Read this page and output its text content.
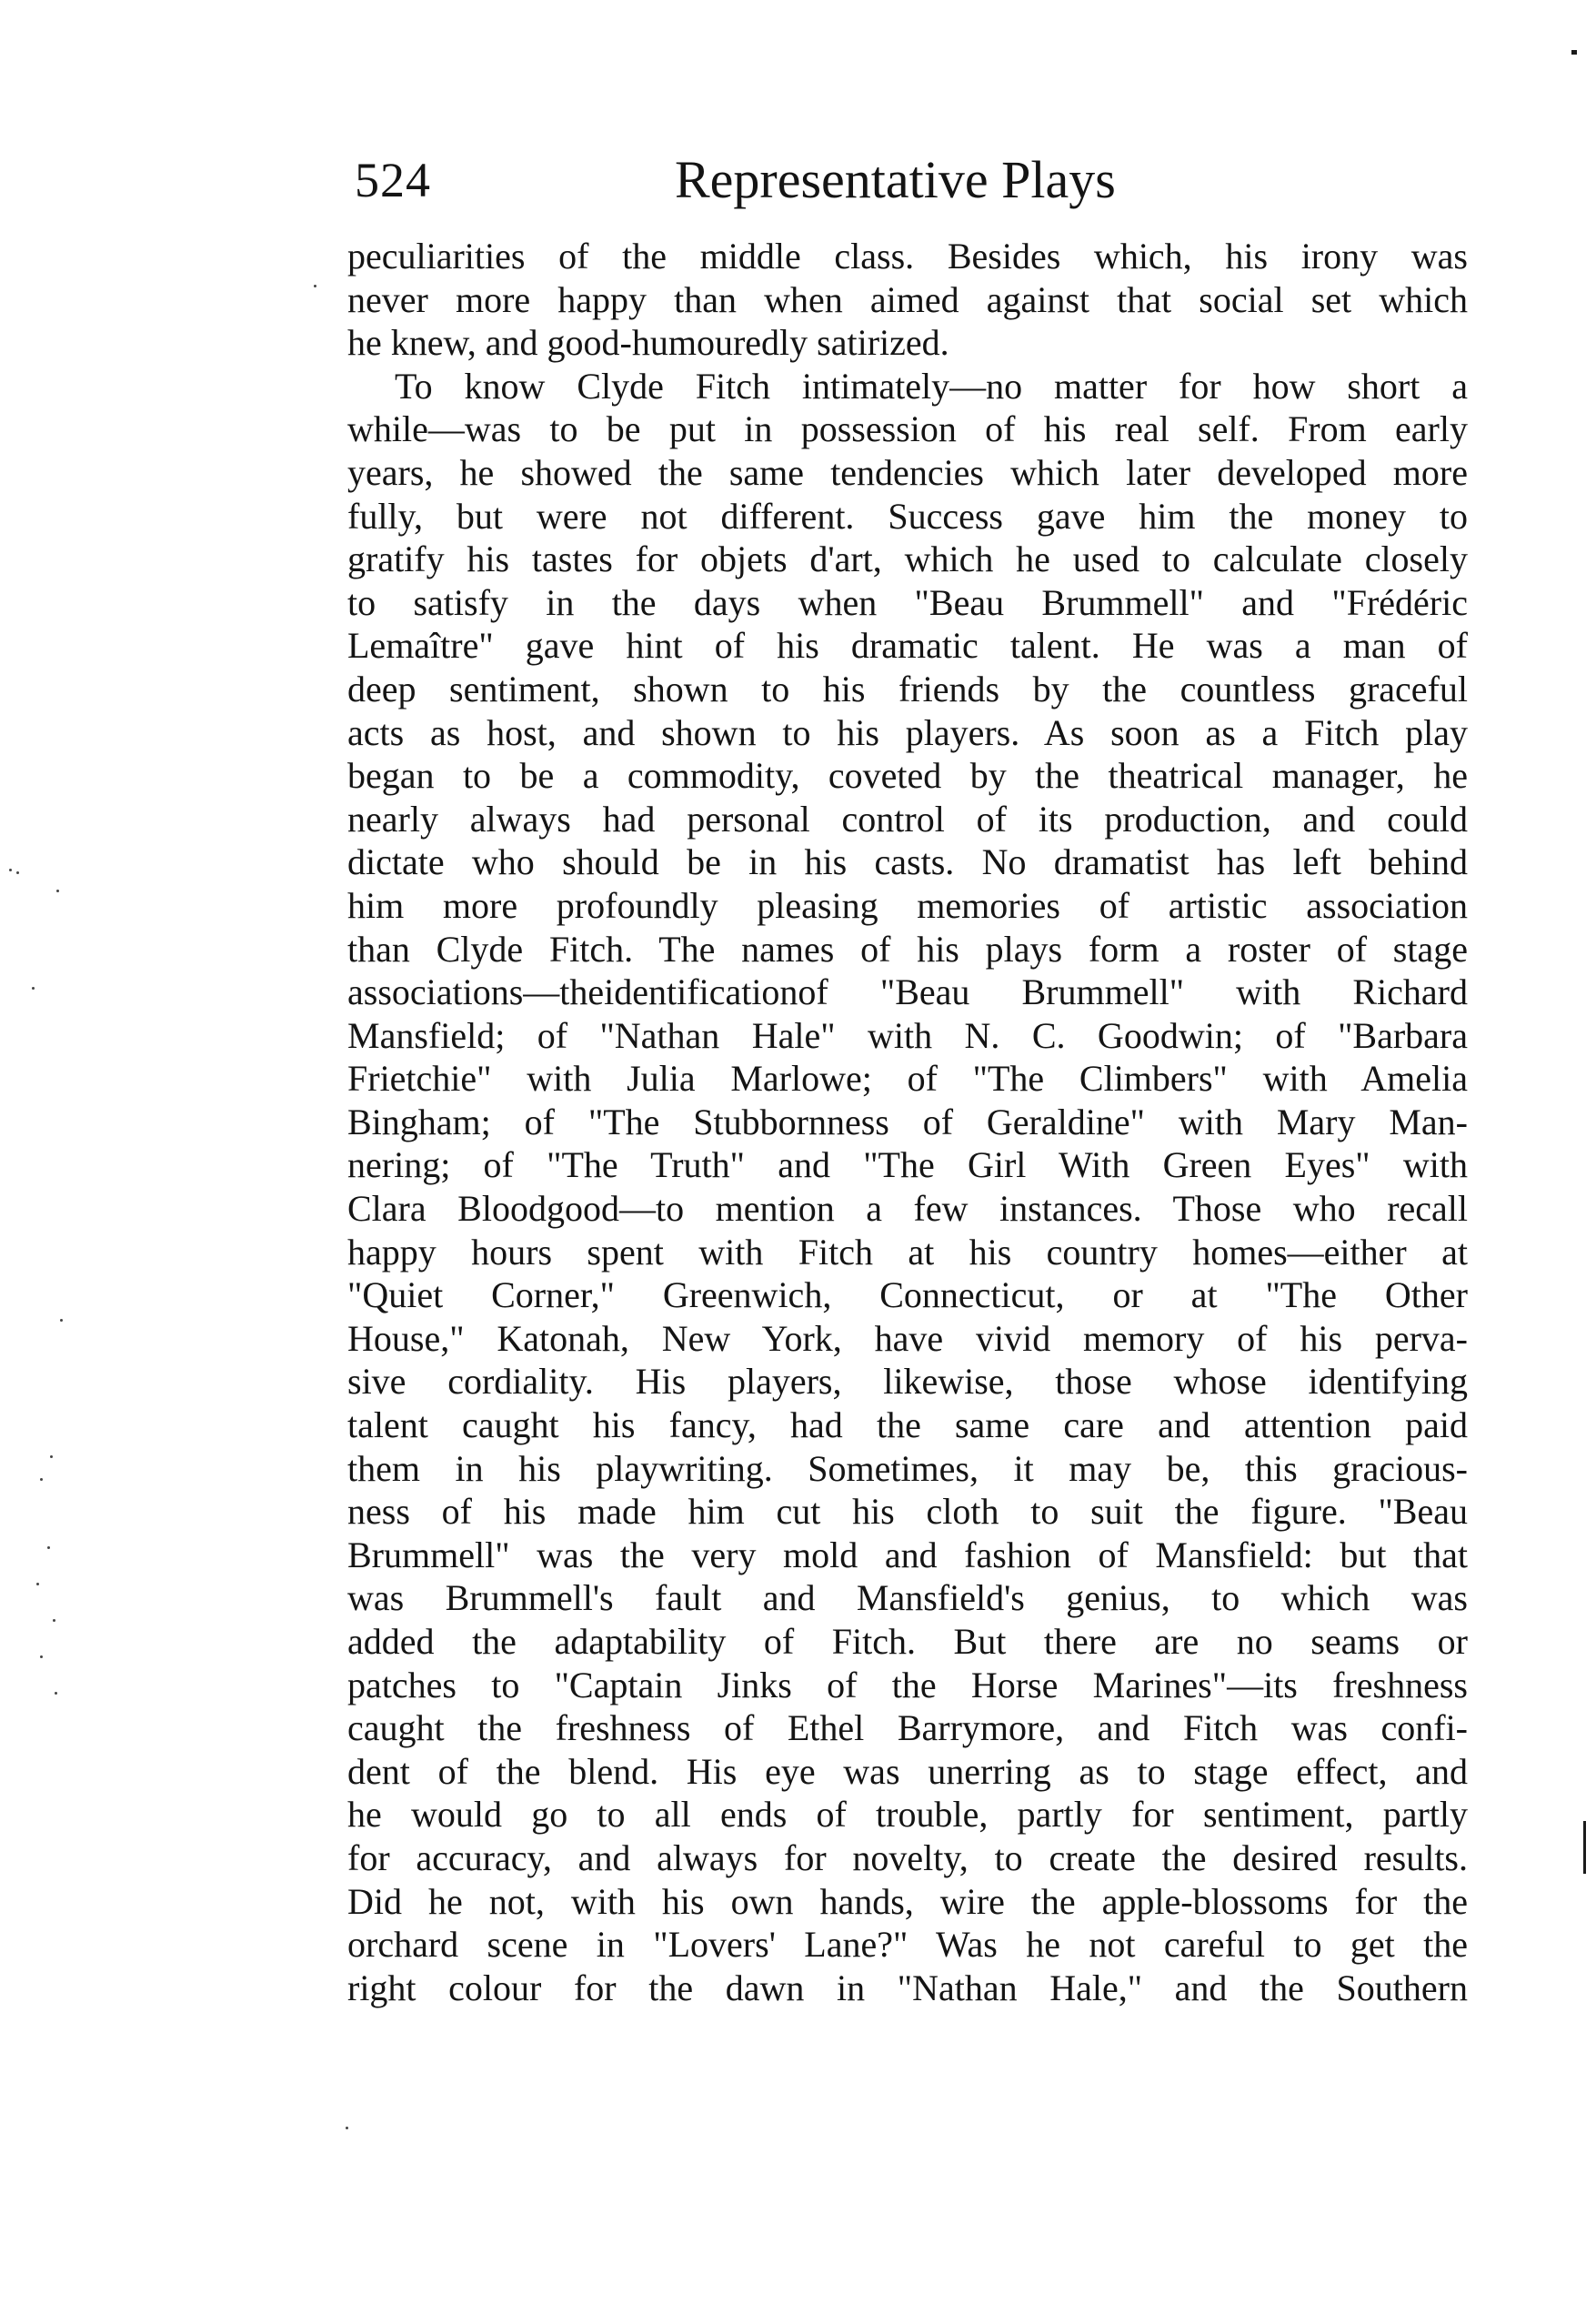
524	Representative Plays
peculiarities of the middle class. Besides which, his irony was
never more happy than when aimed against that social set which
he knew, and good-humouredly satirized.
To know Clyde Fitch intimately—no matter for how short a
while—was to be put in possession of his real self. From early
years, he showed the same tendencies which later developed more
fully, but were not different. Success gave him the money to
gratify his tastes for objets d'art, which he used to calculate closely
to satisfy in the days when "Beau Brummell" and "Frédéric
Lemaître" gave hint of his dramatic talent. He was a man of
deep sentiment, shown to his friends by the countless graceful
acts as host, and shown to his players. As soon as a Fitch play
began to be a commodity, coveted by the theatrical manager, he
nearly always had personal control of its production, and could
dictate who should be in his casts. No dramatist has left behind
him more profoundly pleasing memories of artistic association
than Clyde Fitch. The names of his plays form a roster of stage
associations—theidentificationof "Beau Brummell" with Richard
Mansfield; of "Nathan Hale" with N. C. Goodwin; of "Barbara
Frietchie" with Julia Marlowe; of "The Climbers" with Amelia
Bingham; of "The Stubbornness of Geraldine" with Mary Man-
nering; of "The Truth" and "The Girl With Green Eyes" with
Clara Bloodgood—to mention a few instances. Those who recall
happy hours spent with Fitch at his country homes—either at
"Quiet Corner," Greenwich, Connecticut, or at "The Other
House," Katonah, New York, have vivid memory of his perva-
sive cordiality. His players, likewise, those whose identifying
talent caught his fancy, had the same care and attention paid
them in his playwriting. Sometimes, it may be, this gracious-
ness of his made him cut his cloth to suit the figure. "Beau
Brummell" was the very mold and fashion of Mansfield: but that
was Brummell's fault and Mansfield's genius, to which was
added the adaptability of Fitch. But there are no seams or
patches to "Captain Jinks of the Horse Marines"—its freshness
caught the freshness of Ethel Barrymore, and Fitch was confi-
dent of the blend. His eye was unerring as to stage effect, and
he would go to all ends of trouble, partly for sentiment, partly
for accuracy, and always for novelty, to create the desired results.
Did he not, with his own hands, wire the apple-blossoms for the
orchard scene in "Lovers' Lane?" Was he not careful to get the
right colour for the dawn in "Nathan Hale," and the Southern
